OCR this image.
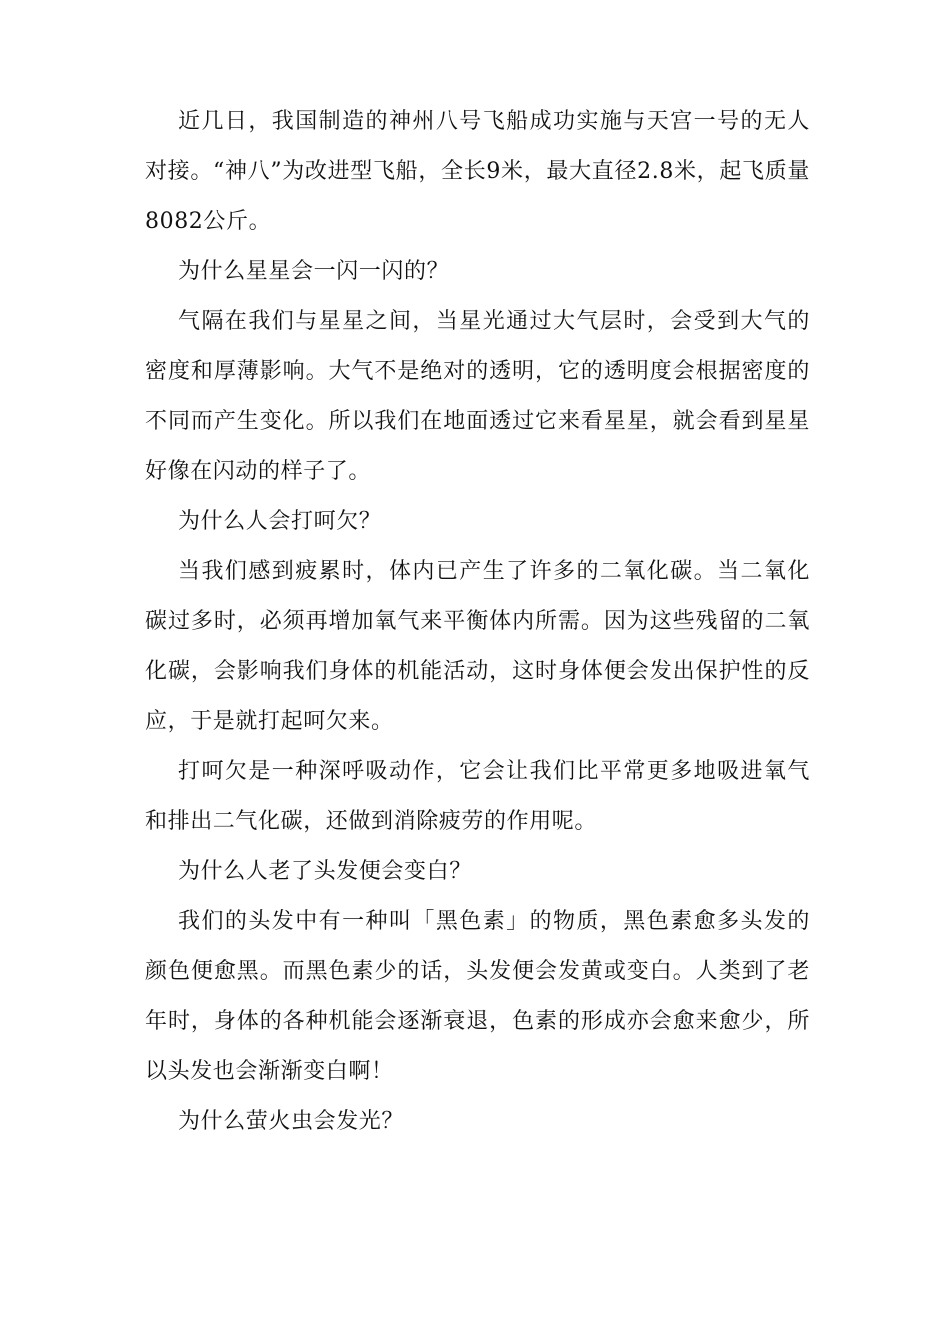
近几日，我国制造的神州八号飞船成功实施与天宫一号的无人对接。“神八”为改进型飞船，全长9米，最大直径2.8米，起飞质量8082公斤。

为什么星星会一闪一闪的？

气隔在我们与星星之间，当星光通过大气层时，会受到大气的密度和厚薄影响。大气不是绝对的透明，它的透明度会根据密度的不同而产生变化。所以我们在地面透过它来看星星，就会看到星星好像在闪动的样子了。

为什么人会打呵欠？

当我们感到疲累时，体内已产生了许多的二氧化碳。当二氧化碳过多时，必须再增加氧气来平衡体内所需。因为这些残留的二氧化碳，会影响我们身体的机能活动，这时身体便会发出保护性的反应，于是就打起呵欠来。

打呵欠是一种深呼吸动作，它会让我们比平常更多地吸进氧气和排出二气化碳，还做到消除疲劳的作用呢。

为什么人老了头发便会变白？

我们的头发中有一种叫「黑色素」的物质，黑色素愈多头发的颜色便愈黑。而黑色素少的话，头发便会发黄或变白。人类到了老年时，身体的各种机能会逐渐衰退，色素的形成亦会愈来愈少，所以头发也会渐渐变白啊！

为什么萤火虫会发光？
